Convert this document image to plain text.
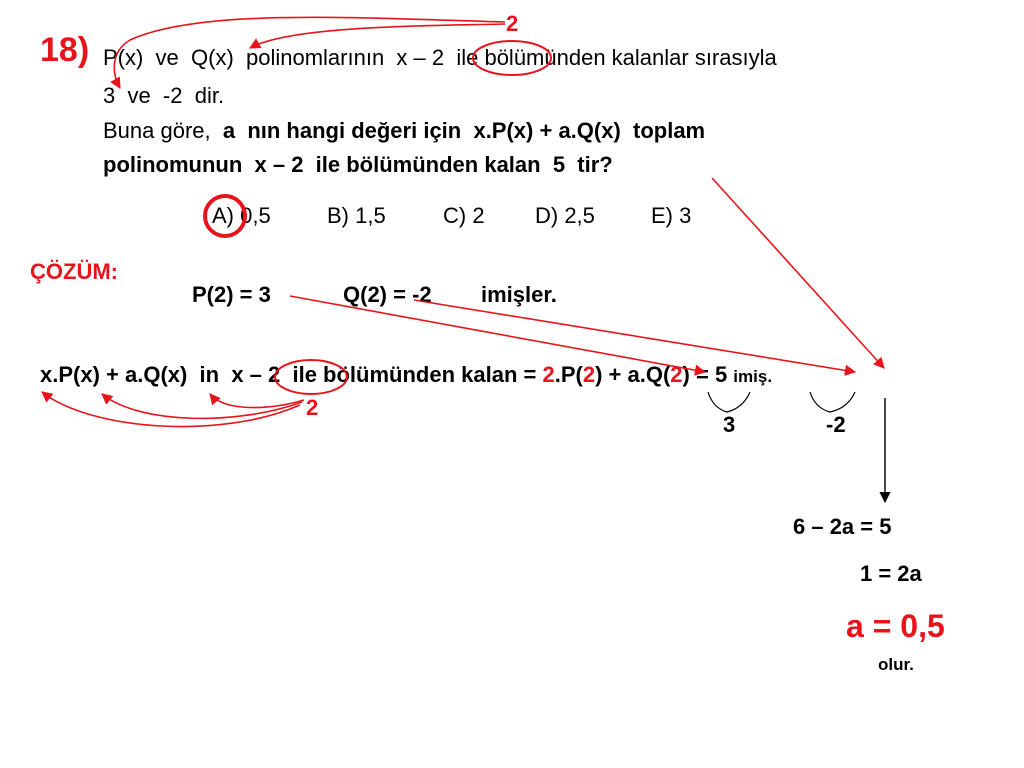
18) P(x)  ve  Q(x)  polinomlarının  x – 2  ile bölümünden kalanlar sırasıyla
3  ve  -2  dir.
Buna göre,  a  nın hangi değeri için  x.P(x) + a.Q(x)  toplam
polinomunun  x – 2  ile bölümünden kalan  5  tir?
A) 0,5	B) 1,5	C) 2 D) 2,5	E) 3
2
2
ÇÖZÜM:
P(2) = 3	Q(2) = -2 imişler.
x.P(x) + a.Q(x)  in  x – 2  ile bölümünden kalan = 2.P(2) + a.Q(2) = 5 imiş.
3	-2
6 – 2a = 5
1 = 2a
a = 0,5
olur.
